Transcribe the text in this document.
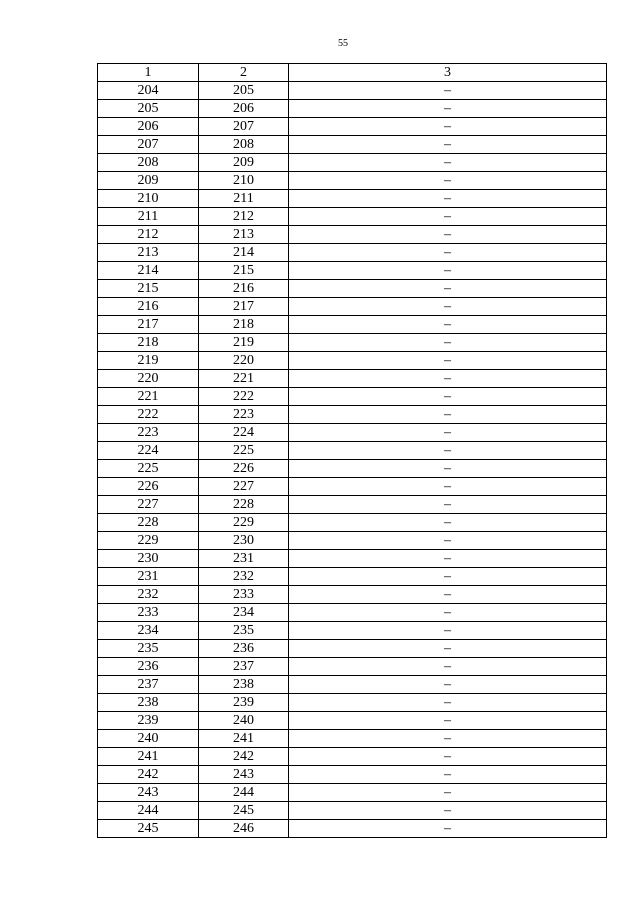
55
1	2	3
204	205	–
205	206	–
206	207	–
207	208	–
208	209	–
209	210	–
210	211	–
211	212	–
212	213	–
213	214	–
214	215	–
215	216	–
216	217	–
217	218	–
218	219	–
219	220	–
220	221	–
221	222	–
222	223	–
223	224	–
224	225	–
225	226	–
226	227	–
227	228	–
228	229	–
229	230	–
230	231	–
231	232	–
232	233	–
233	234	–
234	235	–
235	236	–
236	237	–
237	238	–
238	239	–
239	240	–
240	241	–
241	242	–
242	243	–
243	244	–
244	245	–
245	246	–
